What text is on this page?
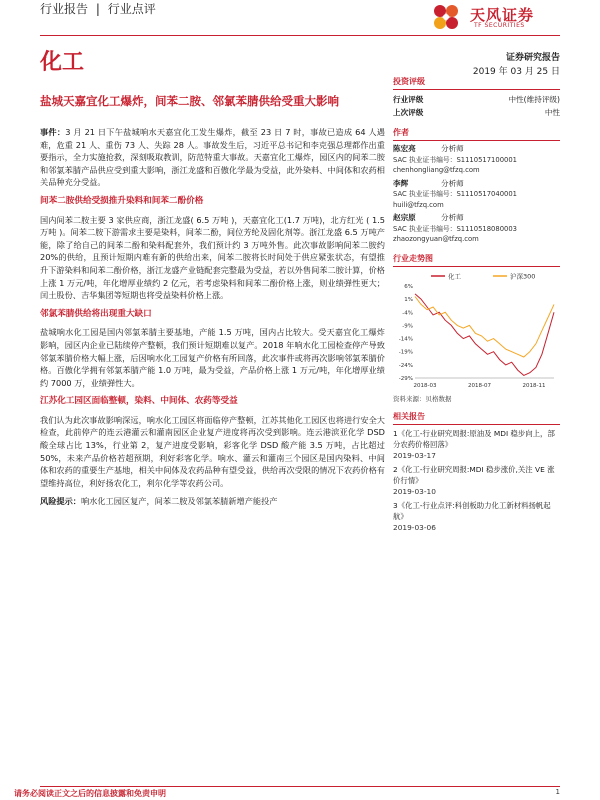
行业报告 | 行业点评	天风证券
TF SECURITIES
化工	证券研究报告
2019 年 03 月 25 日
盐城天嘉宜化工爆炸，间苯二胺、邻氯苯腈供给受重大影响

事件：3 月 21 日下午盐城响水天嘉宜化工发生爆炸，截至 23 日 7 时，事故已造成 64 人遇难，危重 21 人、重伤 73 人、失踪 28 人。事故发生后，习近平总书记和李克强总理都作出重要指示，全力实施抢救，深刻吸取教训，防范特重大事故。天嘉宜化工爆炸，园区内的间苯二胺和邻氯苯腈产品供应受到重大影响，浙江龙盛和百傲化学最为受益，此外染料、中间体和农药相关品种充分受益。

间苯二胺供给受损推升染料和间苯二酚价格

国内间苯二胺主要 3 家供应商，浙江龙盛( 6.5 万吨 )，天嘉宜化工(1.7 万吨)，北方红光 ( 1.5 万吨 )。间苯二胺下游需求主要是染料，间苯二酚，间位芳纶及固化剂等。浙江龙盛 6.5 万吨产能，除了给自己的间苯二酚和染料配套外，我们预计约 3 万吨外售。此次事故影响间苯二胺约 20%的供给，且预计短期内难有新的供给出来，间苯二胺将长时间处于供应紧张状态，有望推升下游染料和间苯二酚价格，浙江龙盛产业链配套完整最为受益，若以外售间苯二胺计算，价格上涨 1 万元/吨，年化增厚业绩约 2 亿元，若考虑染料和间苯二酚价格上涨，则业绩弹性更大；闰土股份、吉华集团等短期也将受益染料价格上涨。

邻氯苯腈供给将出现重大缺口

盐城响水化工园是国内邻氯苯腈主要基地，产能 1.5 万吨，国内占比较大。受天嘉宜化工爆炸影响，园区内企业已陆续停产整顿，我们预计短期难以复产。2018 年响水化工园检查停产导致邻氯苯腈价格大幅上涨，后因响水化工园复产价格有所回落，此次事件或将再次影响邻氯苯腈价格。百傲化学拥有邻氯苯腈产能 1.0 万吨，最为受益，产品价格上涨 1 万元/吨，年化增厚业绩约 7000 万，业绩弹性大。

江苏化工园区面临整顿，染料、中间体、农药等受益

我们认为此次事故影响深远，响水化工园区将面临停产整顿，江苏其他化工园区也将进行安全大检查，此前停产的连云港灌云和灌南园区企业复产进度将再次受到影响。连云港滨亚化学 DSD 酸全球占比 13%，行业第 2，复产进度受影响，彩客化学 DSD 酸产能 3.5 万吨，占比超过 50%，未来产品价格若超预期，利好彩客化学。响水、灌云和灌南三个园区是国内染料、中间体和农药的重要生产基地，相关中间体及农药品种有望受益，供给再次受限的情况下农药价格有望维持高位，利好扬农化工，利尔化学等农药公司。

风险提示：响水化工园区复产，间苯二胺及邻氯苯腈新增产能投产

投资评级
行业评级	中性(维持评级)
上次评级	中性
作者
陈宏亮	分析师
SAC 执业证书编号：S1110517100001
chenhongliang@tfzq.com
李辉	分析师
SAC 执业证书编号：S1110517040001
huili@tfzq.com
赵宗原	分析师
SAC 执业证书编号：S1110518080003
zhaozongyuan@tfzq.com
行业走势图
化工	沪深300
6%
1%
-4%
-9%
-14%
-19%
-24%
-29%
2018-03	2018-07	2018-11
资料来源：贝格数据
相关报告
1《化工-行业研究周报:原油及 MDI 稳步向上，部分农药价格回落》
2019-03-17
2《化工-行业研究周报:MDI 稳步涨价,关注 VE 涨价行情》
2019-03-10
3《化工-行业点评:科创板助力化工新材料扬帆起航》
2019-03-06
请务必阅读正文之后的信息披露和免责申明	1
